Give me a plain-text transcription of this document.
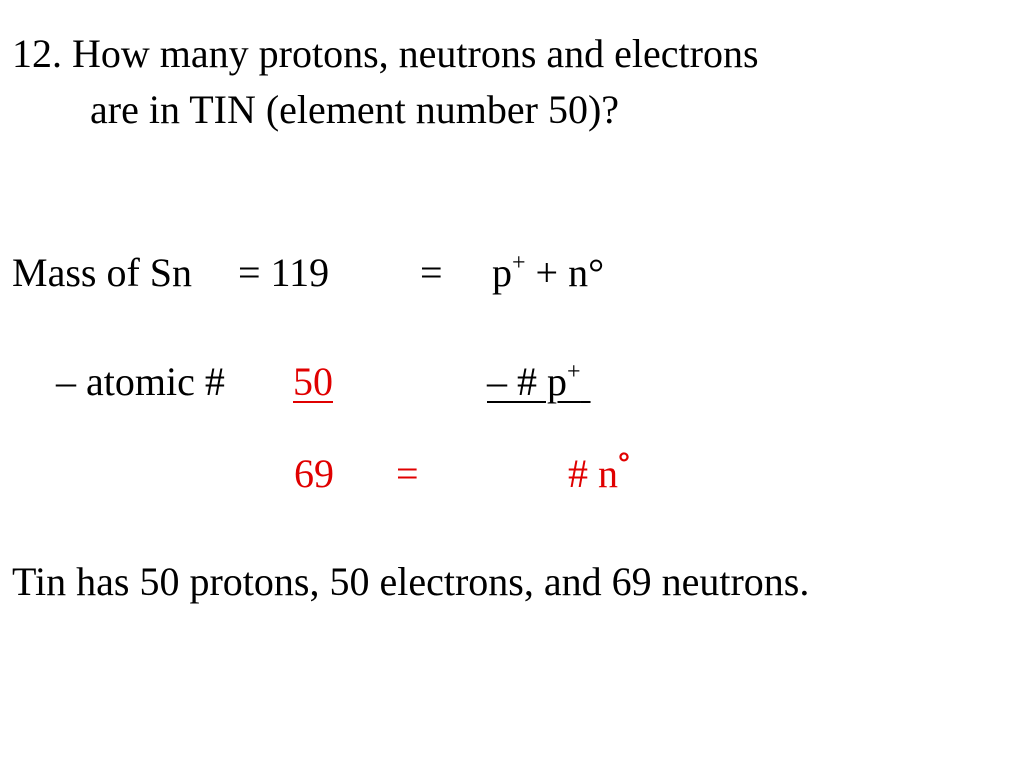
12. How many protons, neutrons and electrons
are in TIN (element number 50)?
Mass of Sn = 119 = p+ + n°
– atomic # 50	– # p+
69 =	# n°
Tin has 50 protons, 50 electrons, and 69 neutrons.
